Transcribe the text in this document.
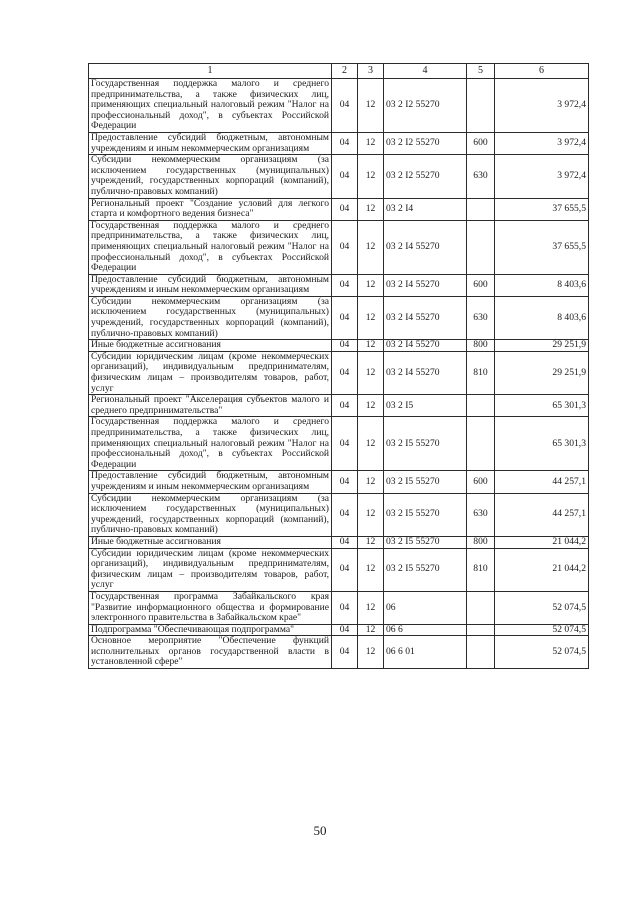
1	2	3	4	5	6
Государственная поддержка малого и среднего предпринимательства, а также физических лиц, применяющих специальный налоговый режим "Налог на профессиональный доход", в субъектах Российской Федерации	04	12	03 2 I2 55270		3 972,4
Предоставление субсидий бюджетным, автономным учреждениям и иным некоммерческим организациям	04	12	03 2 I2 55270	600	3 972,4
Субсидии некоммерческим организациям (за исключением государственных (муниципальных) учреждений, государственных корпораций (компаний), публично-правовых компаний)	04	12	03 2 I2 55270	630	3 972,4
Региональный проект "Создание условий для легкого старта и комфортного ведения бизнеса"	04	12	03 2 I4		37 655,5
Государственная поддержка малого и среднего предпринимательства, а также физических лиц, применяющих специальный налоговый режим "Налог на профессиональный доход", в субъектах Российской Федерации	04	12	03 2 I4 55270		37 655,5
Предоставление субсидий бюджетным, автономным учреждениям и иным некоммерческим организациям	04	12	03 2 I4 55270	600	8 403,6
Субсидии некоммерческим организациям (за исключением государственных (муниципальных) учреждений, государственных корпораций (компаний), публично-правовых компаний)	04	12	03 2 I4 55270	630	8 403,6
Иные бюджетные ассигнования	04	12	03 2 I4 55270	800	29 251,9
Субсидии юридическим лицам (кроме некоммерческих организаций), индивидуальным предпринимателям, физическим лицам – производителям товаров, работ, услуг	04	12	03 2 I4 55270	810	29 251,9
Региональный проект "Акселерация субъектов малого и среднего предпринимательства"	04	12	03 2 I5		65 301,3
Государственная поддержка малого и среднего предпринимательства, а также физических лиц, применяющих специальный налоговый режим "Налог на профессиональный доход", в субъектах Российской Федерации	04	12	03 2 I5 55270		65 301,3
Предоставление субсидий бюджетным, автономным учреждениям и иным некоммерческим организациям	04	12	03 2 I5 55270	600	44 257,1
Субсидии некоммерческим организациям (за исключением государственных (муниципальных) учреждений, государственных корпораций (компаний), публично-правовых компаний)	04	12	03 2 I5 55270	630	44 257,1
Иные бюджетные ассигнования	04	12	03 2 I5 55270	800	21 044,2
Субсидии юридическим лицам (кроме некоммерческих организаций), индивидуальным предпринимателям, физическим лицам – производителям товаров, работ, услуг	04	12	03 2 I5 55270	810	21 044,2
Государственная программа Забайкальского края "Развитие информационного общества и формирование электронного правительства в Забайкальском крае"	04	12	06		52 074,5
Подпрограмма "Обеспечивающая подпрограмма"	04	12	06 6		52 074,5
Основное мероприятие "Обеспечение функций исполнительных органов государственной власти в установленной сфере"	04	12	06 6 01		52 074,5
50
